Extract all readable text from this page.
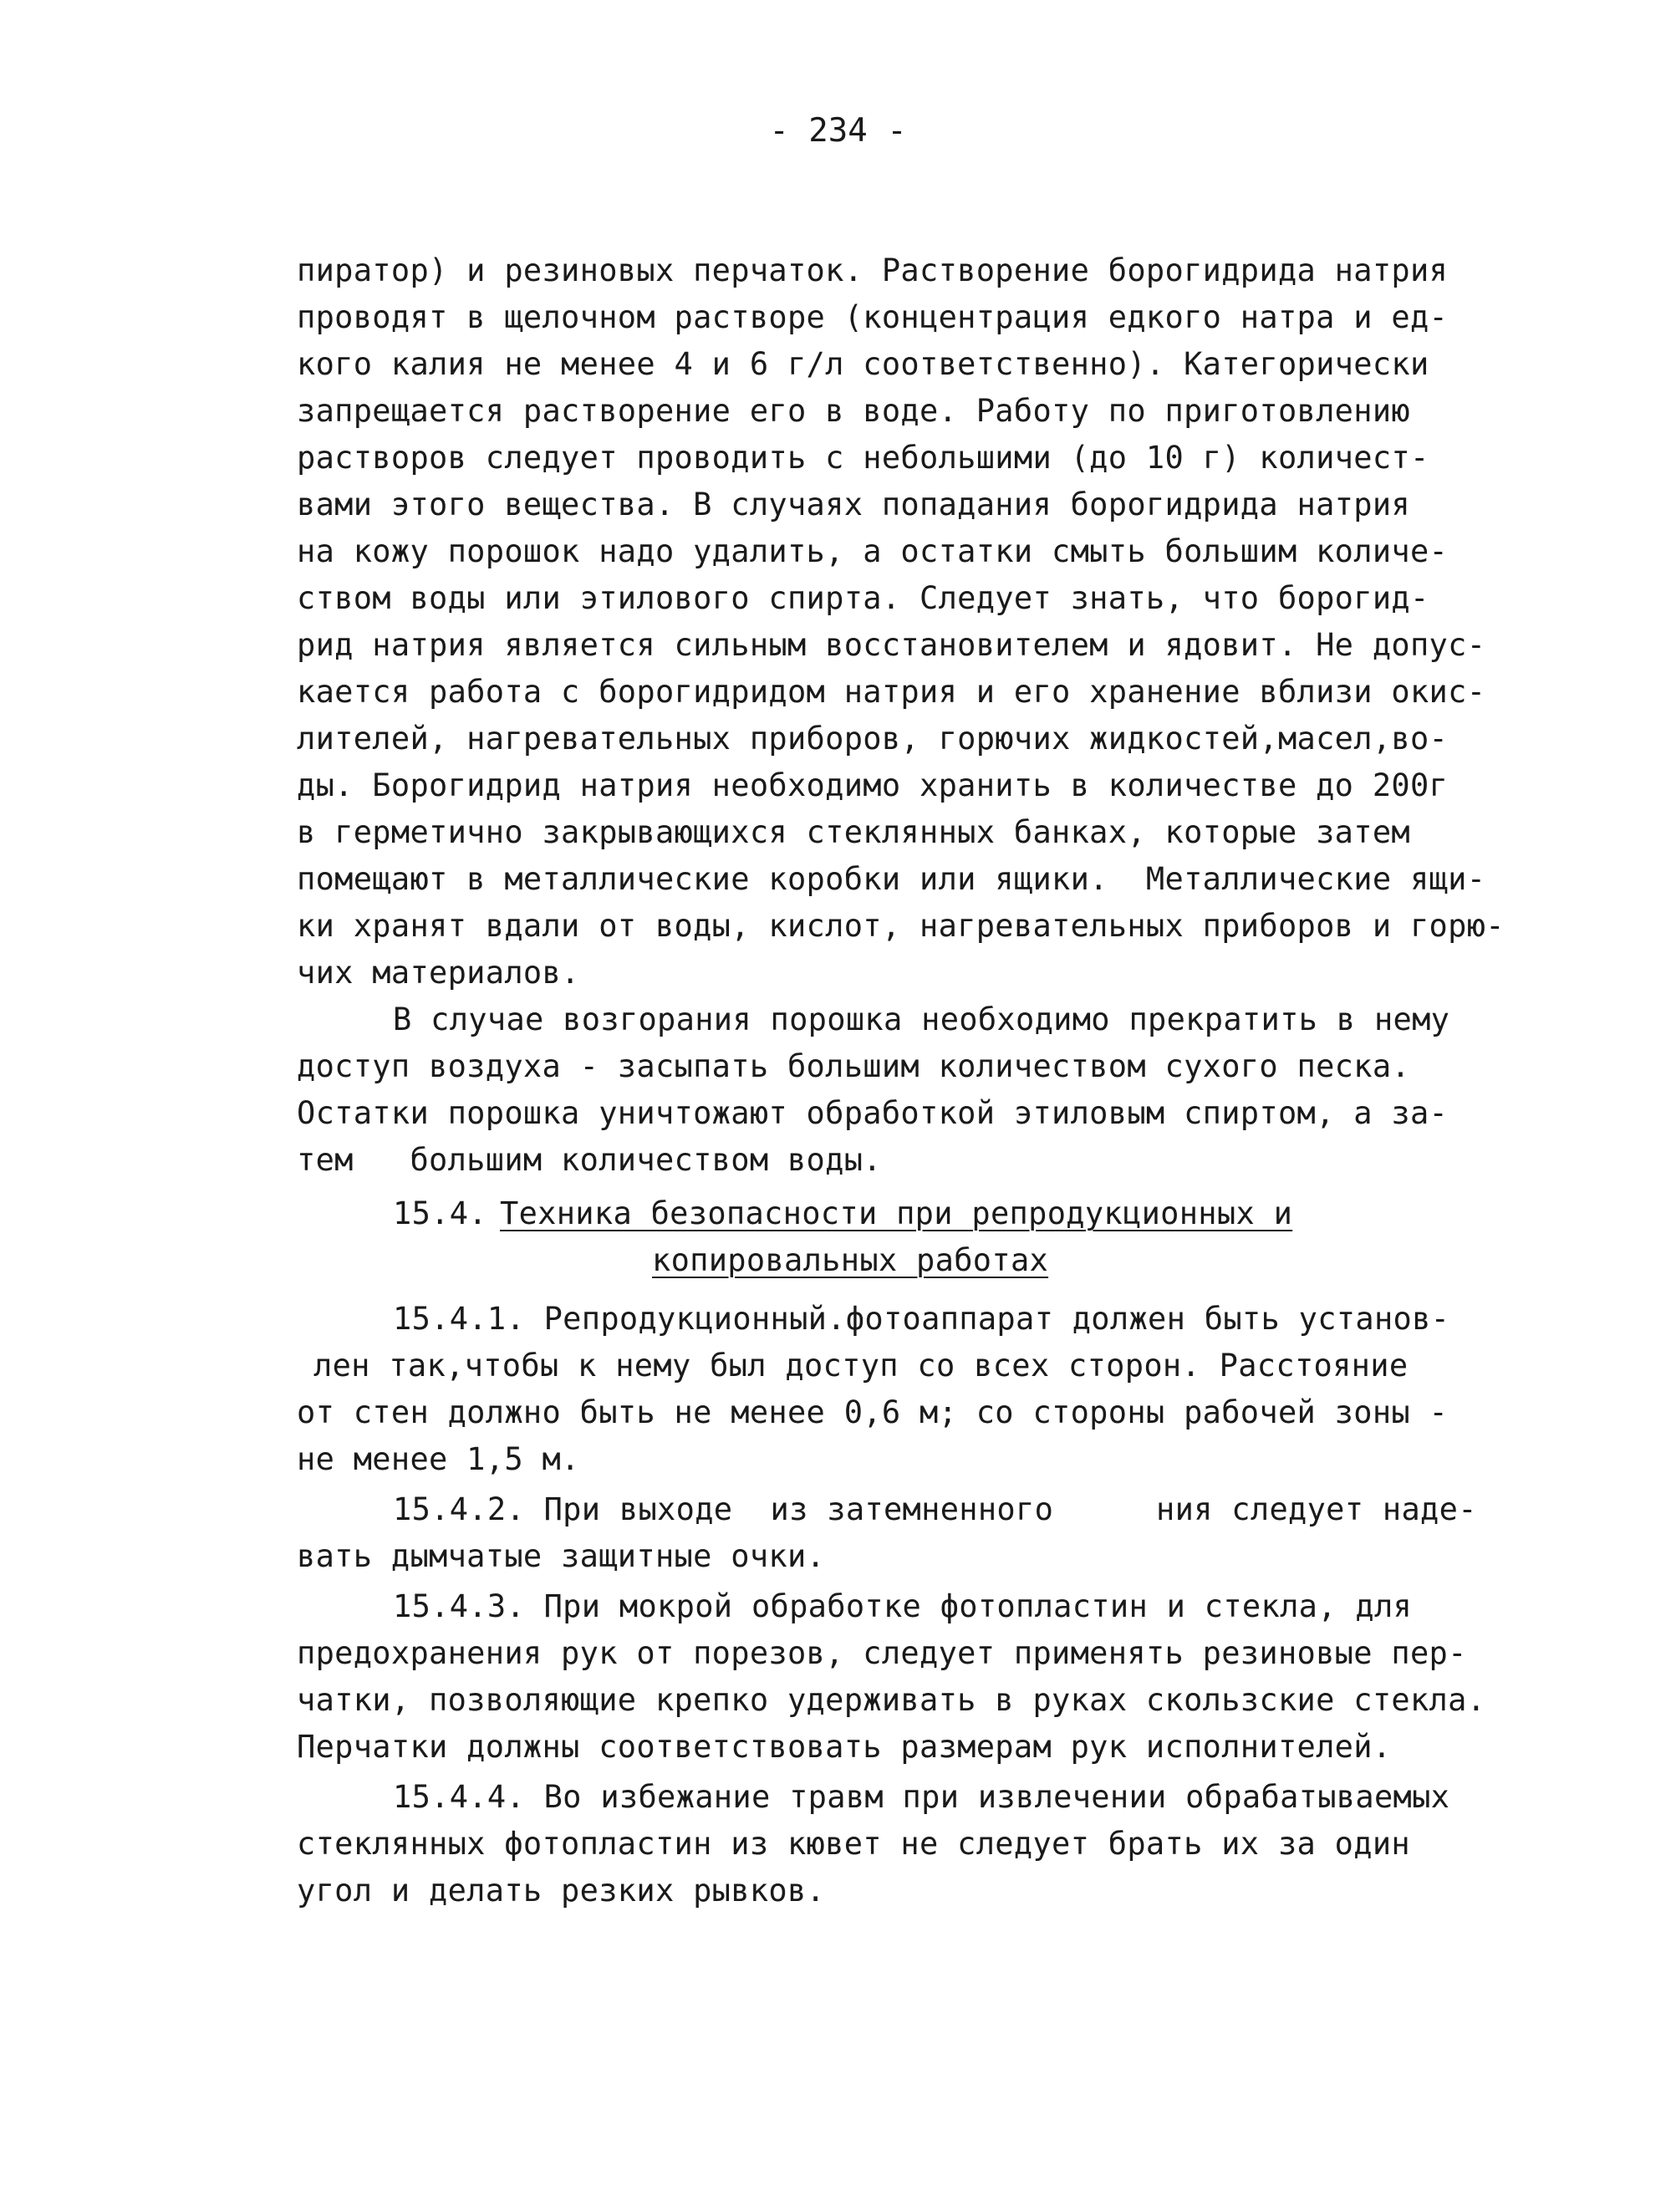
- 234 -
пиратор) и резиновых перчаток. Растворение борогидрида натрия
проводят в щелочном растворе (концентрация едкого натра и ед-
кого калия не менее 4 и 6 г/л соответственно). Категорически
запрещается растворение его в воде. Работу по приготовлению
растворов следует проводить с небольшими (до 10 г) количест-
вами этого вещества. В случаях попадания борогидрида натрия
на кожу порошок надо удалить, а остатки смыть большим количе-
ством воды или этилового спирта. Следует знать, что борогид-
рид натрия является сильным восстановителем и ядовит. Не допус-
кается работа с борогидридом натрия и его хранение вблизи окис-
лителей, нагревательных приборов, горючих жидкостей,масел,во-
ды. Борогидрид натрия необходимо хранить в количестве до 200г
в герметично закрывающихся стеклянных банках, которые затем
помещают в металлические коробки или ящики.  Металлические ящи-
ки хранят вдали от воды, кислот, нагревательных приборов и горю-
чих материалов.
В случае возгорания порошка необходимо прекратить в нему
доступ воздуха - засыпать большим количеством сухого песка.
Остатки порошка уничтожают обработкой этиловым спиртом, а за-
тем   большим количеством воды.
15.4. Техника безопасности при репродукционных и
копировальных работах
15.4.1. Репродукционный.фотоаппарат должен быть установ-
лен так,чтобы к нему был доступ со всех сторон. Расстояние
от стен должно быть не менее 0,6 м; со стороны рабочей зоны -
не менее 1,5 м.
15.4.2. При выходе  из затемненного	ния следует наде-
вать дымчатые защитные очки.
15.4.3. При мокрой обработке фотопластин и стекла, для
предохранения рук от порезов, следует применять резиновые пер-
чатки, позволяющие крепко удерживать в руках скользские стекла.
Перчатки должны соответствовать размерам рук исполнителей.
15.4.4. Во избежание травм при извлечении обрабатываемых
стеклянных фотопластин из кювет не следует брать их за один
угол и делать резких рывков.
